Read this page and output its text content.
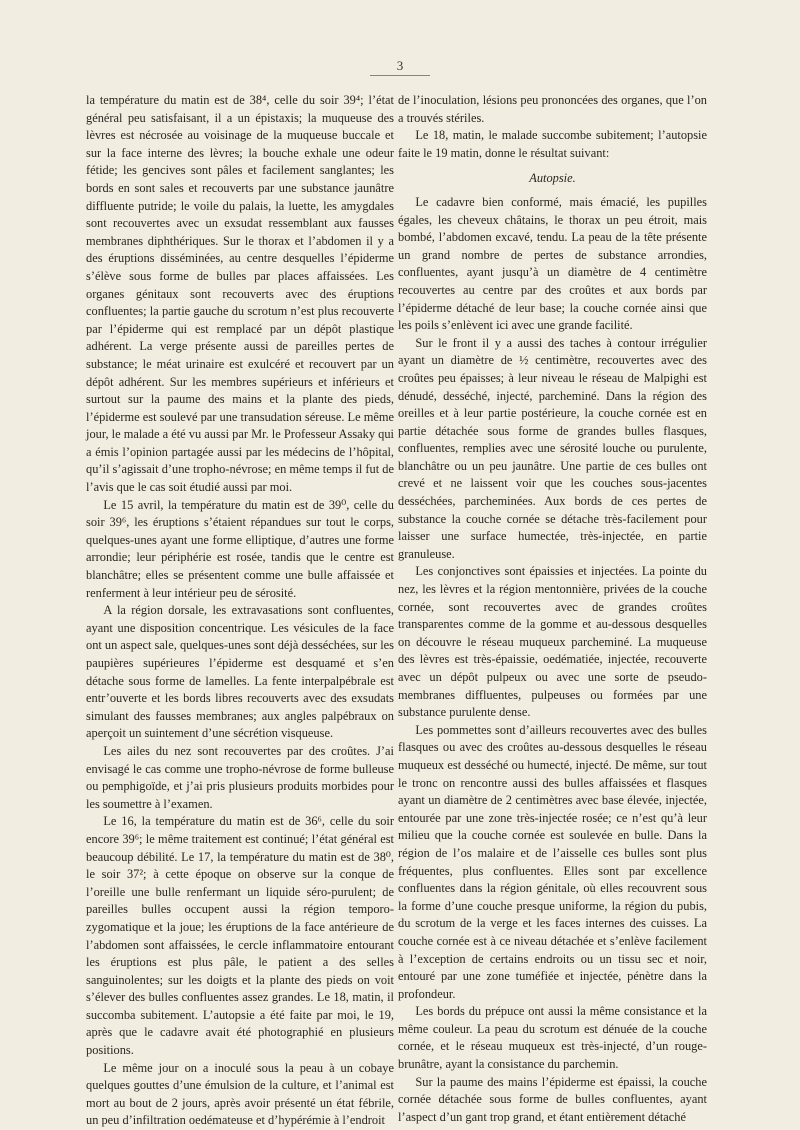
3

la température du matin est de 38⁴, celle du soir 39⁴; l’état général peu satisfaisant, il a un épistaxis; la muqueuse des lèvres est nécrosée au voisinage de la muqueuse buccale et sur la face interne des lèvres; la bouche exhale une odeur fétide; les gencives sont pâles et facilement sanglantes; les bords en sont sales et recouverts par une substance jaunâtre diffluente putride; le voile du palais, la luette, les amygdales sont recouvertes avec un exsudat ressemblant aux fausses membranes diphthériques. Sur le thorax et l’abdomen il y a des éruptions disséminées, au centre desquelles l’épiderme s’élève sous forme de bulles par places affaissées. Les organes génitaux sont recouverts avec des éruptions confluentes; la partie gauche du scrotum n’est plus recouverte par l’épiderme qui est remplacé par un dépôt plastique adhérent. La verge présente aussi de pareilles pertes de substance; le méat urinaire est exulcéré et recouvert par un dépôt adhérent. Sur les membres supérieurs et inférieurs et surtout sur la paume des mains et la plante des pieds, l’épiderme est soulevé par une transudation séreuse. Le même jour, le malade a été vu aussi par Mr. le Professeur Assaky qui a émis l’opinion partagée aussi par les médecins de l’hôpital, qu’il s’agissait d’une tropho-névrose; en même temps il fut de l’avis que le cas soit étudié aussi par moi.

Le 15 avril, la température du matin est de 39⁰, celle du soir 39⁶, les éruptions s’étaient répandues sur tout le corps, quelques-unes ayant une forme elliptique, d’autres une forme arrondie; leur périphérie est rosée, tandis que le centre est blanchâtre; elles se présentent comme une bulle affaissée et renferment à leur intérieur peu de sérosité.

A la région dorsale, les extravasations sont confluentes, ayant une disposition concentrique. Les vésicules de la face ont un aspect sale, quelques-unes sont déjà desséchées, sur les paupières supérieures l’épiderme est desquamé et s’en détache sous forme de lamelles. La fente interpalpébrale est entr’ouverte et les bords libres recouverts avec des exsudats simulant des fausses membranes; aux angles palpébraux on aperçoit un suintement d’une sécrétion visqueuse.

Les ailes du nez sont recouvertes par des croûtes. J’ai envisagé le cas comme une tropho-névrose de forme bulleuse ou pemphigoïde, et j’ai pris plusieurs produits morbides pour les soumettre à l’examen.

Le 16, la température du matin est de 36⁶, celle du soir encore 39⁶; le même traitement est continué; l’état général est beaucoup débilité. Le 17, la température du matin est de 38⁰, le soir 37²; à cette époque on observe sur la conque de l’oreille une bulle renfermant un liquide séro-purulent; de pareilles bulles occupent aussi la région temporo-zygomatique et la joue; les éruptions de la face antérieure de l’abdomen sont affaissées, le cercle inflammatoire entourant les éruptions est plus pâle, le patient a des selles sanguinolentes; sur les doigts et la plante des pieds on voit s’élever des bulles confluentes assez grandes. Le 18, matin, il succomba subitement. L’autopsie a été faite par moi, le 19, après que le cadavre avait été photographié en plusieurs positions.

Le même jour on a inoculé sous la peau à un cobaye quelques gouttes d’une émulsion de la culture, et l’animal est mort au bout de 2 jours, après avoir présenté un état fébrile, un peu d’infiltration oedémateuse et d’hypérémie à l’endroit

de l’inoculation, lésions peu prononcées des organes, que l’on a trouvés stériles.

Le 18, matin, le malade succombe subitement; l’autopsie faite le 19 matin, donne le résultat suivant:

Autopsie.

Le cadavre bien conformé, mais émacié, les pupilles égales, les cheveux châtains, le thorax un peu étroit, mais bombé, l’abdomen excavé, tendu. La peau de la tête présente un grand nombre de pertes de substance arrondies, confluentes, ayant jusqu’à un diamètre de 4 centimètre recouvertes au centre par des croûtes et aux bords par l’épiderme détaché de leur base; la couche cornée ainsi que les poils s’enlèvent ici avec une grande facilité.

Sur le front il y a aussi des taches à contour irrégulier ayant un diamètre de ½ centimètre, recouvertes avec des croûtes peu épaisses; à leur niveau le réseau de Malpighi est dénudé, desséché, injecté, parcheminé. Dans la région des oreilles et à leur partie postérieure, la couche cornée est en partie détachée sous forme de grandes bulles flasques, confluentes, remplies avec une sérosité louche ou purulente, blanchâtre ou un peu jaunâtre. Une partie de ces bulles ont crevé et ne laissent voir que les couches sous-jacentes desséchées, parcheminées. Aux bords de ces pertes de substance la couche cornée se détache très-facilement pour laisser une surface humectée, très-injectée, en partie granuleuse.

Les conjonctives sont épaissies et injectées. La pointe du nez, les lèvres et la région mentonnière, privées de la couche cornée, sont recouvertes avec de grandes croûtes transparentes comme de la gomme et au-dessous desquelles on découvre le réseau muqueux parcheminé. La muqueuse des lèvres est très-épaissie, oedématiée, injectée, recouverte avec un dépôt pulpeux ou avec une sorte de pseudo-membranes diffluentes, pulpeuses ou formées par une substance purulente dense.

Les pommettes sont d’ailleurs recouvertes avec des bulles flasques ou avec des croûtes au-dessous desquelles le réseau muqueux est desséché ou humecté, injecté. De même, sur tout le tronc on rencontre aussi des bulles affaissées et flasques ayant un diamètre de 2 centimètres avec base élevée, injectée, entourée par une zone très-injectée rosée; ce n’est qu’à leur milieu que la couche cornée est soulevée en bulle. Dans la région de l’os malaire et de l’aisselle ces bulles sont plus fréquentes, plus confluentes. Elles sont par excellence confluentes dans la région génitale, où elles recouvrent sous la forme d’une couche presque uniforme, la région du pubis, du scrotum de la verge et les faces internes des cuisses. La couche cornée est à ce niveau détachée et s’enlève facilement à l’exception de certains endroits ou un tissu sec et noir, entouré par une zone tuméfiée et injectée, pénètre dans la profondeur.

Les bords du prépuce ont aussi la même consistance et la même couleur. La peau du scrotum est dénuée de la couche cornée, et le réseau muqueux est très-injecté, d’un rouge-brunâtre, ayant la consistance du parchemin.

Sur la paume des mains l’épiderme est épaissi, la couche cornée détachée sous forme de bulles confluentes, ayant l’aspect d’un gant trop grand, et étant entièrement détaché
